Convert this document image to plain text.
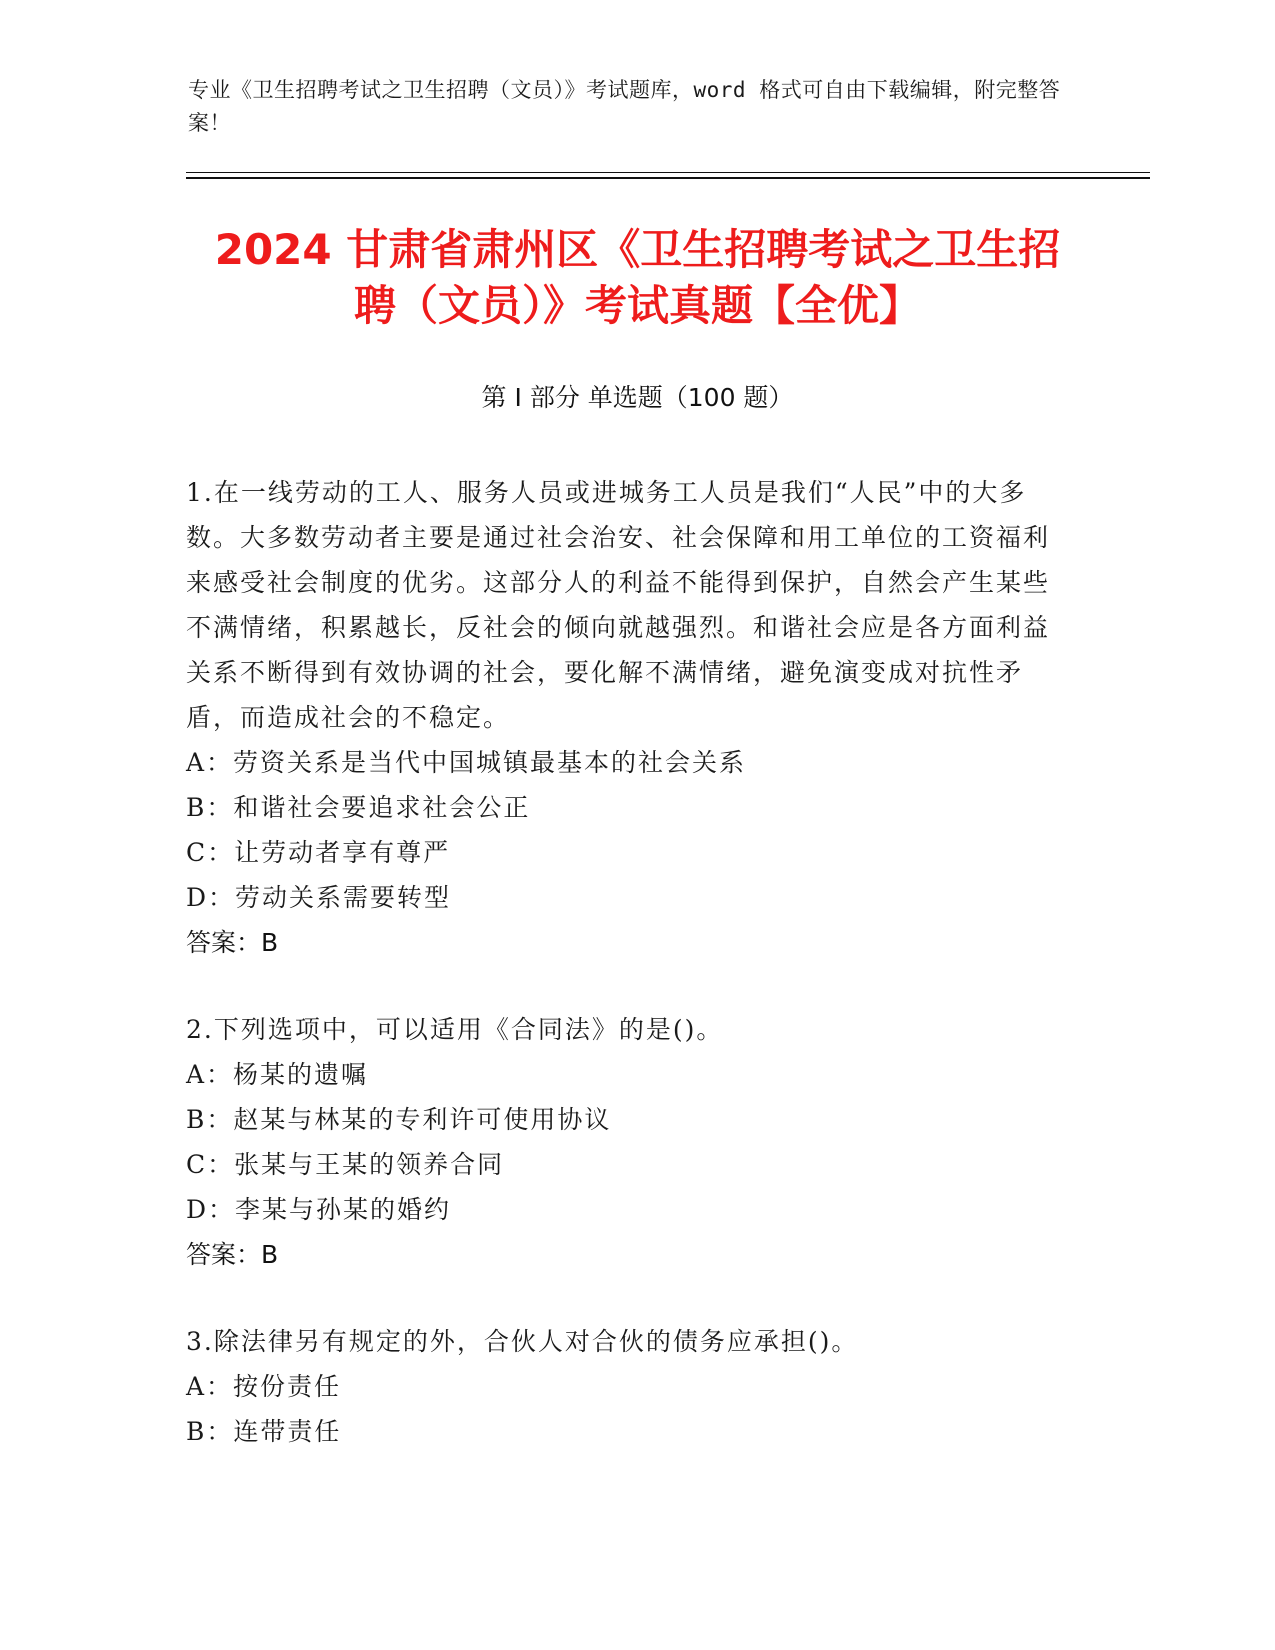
专业《卫生招聘考试之卫生招聘（文员）》考试题库，word 格式可自由下载编辑，附完整答案！
2024 甘肃省肃州区《卫生招聘考试之卫生招
聘（文员）》考试真题【全优】
第 I 部分 单选题（100 题）
1.在一线劳动的工人、服务人员或进城务工人员是我们“人民”中的大多数。大多数劳动者主要是通过社会治安、社会保障和用工单位的工资福利来感受社会制度的优劣。这部分人的利益不能得到保护，自然会产生某些不满情绪，积累越长，反社会的倾向就越强烈。和谐社会应是各方面利益关系不断得到有效协调的社会，要化解不满情绪，避免演变成对抗性矛盾，而造成社会的不稳定。
A：劳资关系是当代中国城镇最基本的社会关系
B：和谐社会要追求社会公正
C：让劳动者享有尊严
D：劳动关系需要转型
答案：B
2.下列选项中，可以适用《合同法》的是()。
A：杨某的遗嘱
B：赵某与林某的专利许可使用协议
C：张某与王某的领养合同
D：李某与孙某的婚约
答案：B
3.除法律另有规定的外，合伙人对合伙的债务应承担()。
A：按份责任
B：连带责任
